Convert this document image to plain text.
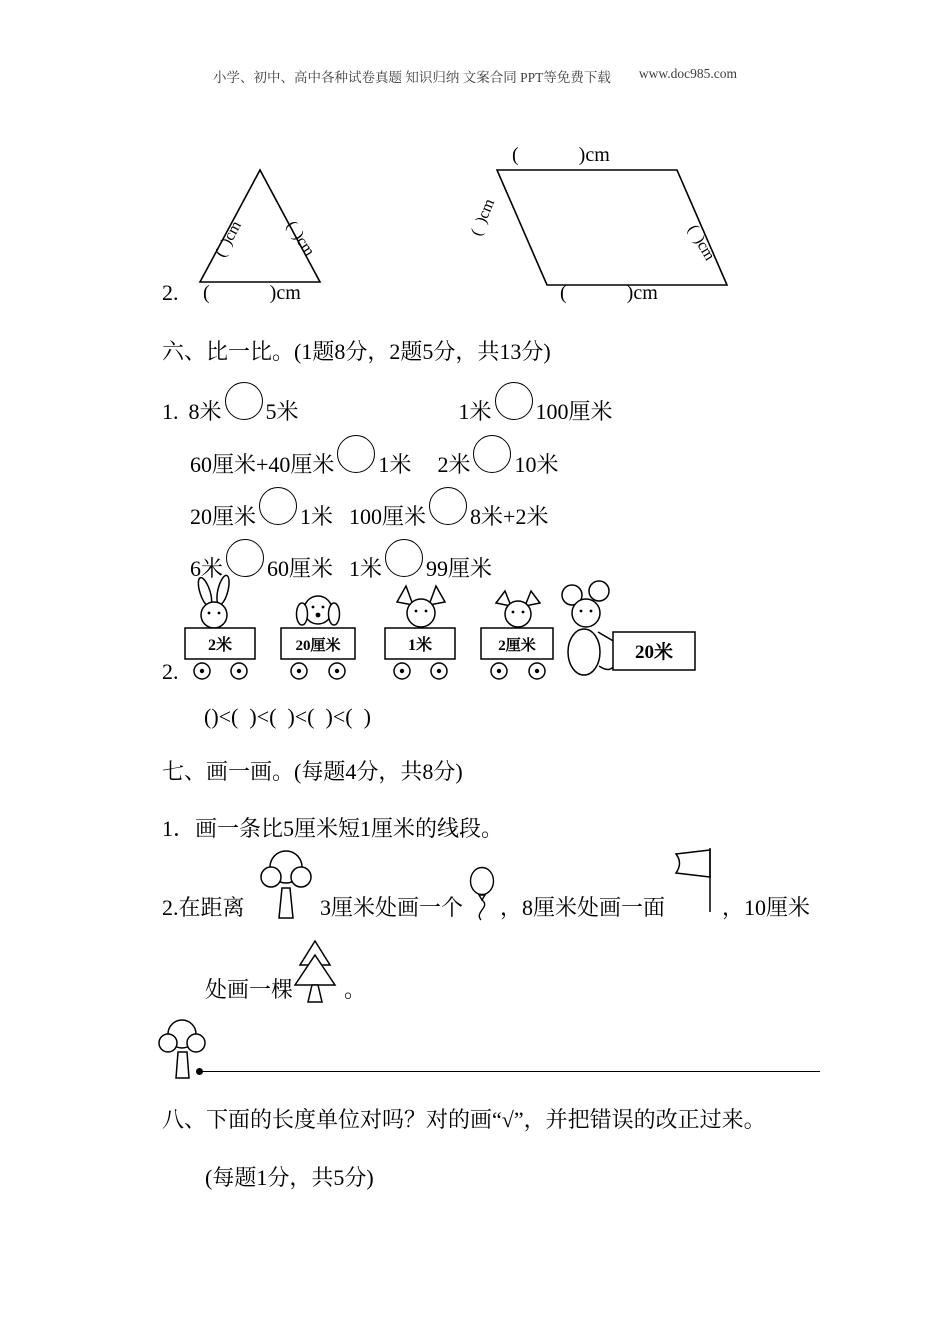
小学、初中、高中各种试卷真题 知识归纳 文案合同 PPT等免费下载 www.doc985.com
(  )cm (  )cm
2. (            )cm
(            )cm
(  )cm
(  )cm
(            )cm
六、比一比。(1题8分，2题5分，共13分)
1. 8米 5米	1米 100厘米
60厘米+40厘米 1米 2米 10米
20厘米 1米 100厘米 8米+2米
6米 60厘米 1米 99厘米
2米	20厘米	1米	2厘米	20米
2.
()<(  )<(  )<(  )<(  )
七、画一画。(每题4分，共8分)
1．画一条比5厘米短1厘米的线段。
2.在距离	3厘米处画一个 ，8厘米处画一面	，10厘米
处画一棵 。
八、下面的长度单位对吗？对的画“√”，并把错误的改正过来。
(每题1分，共5分)
